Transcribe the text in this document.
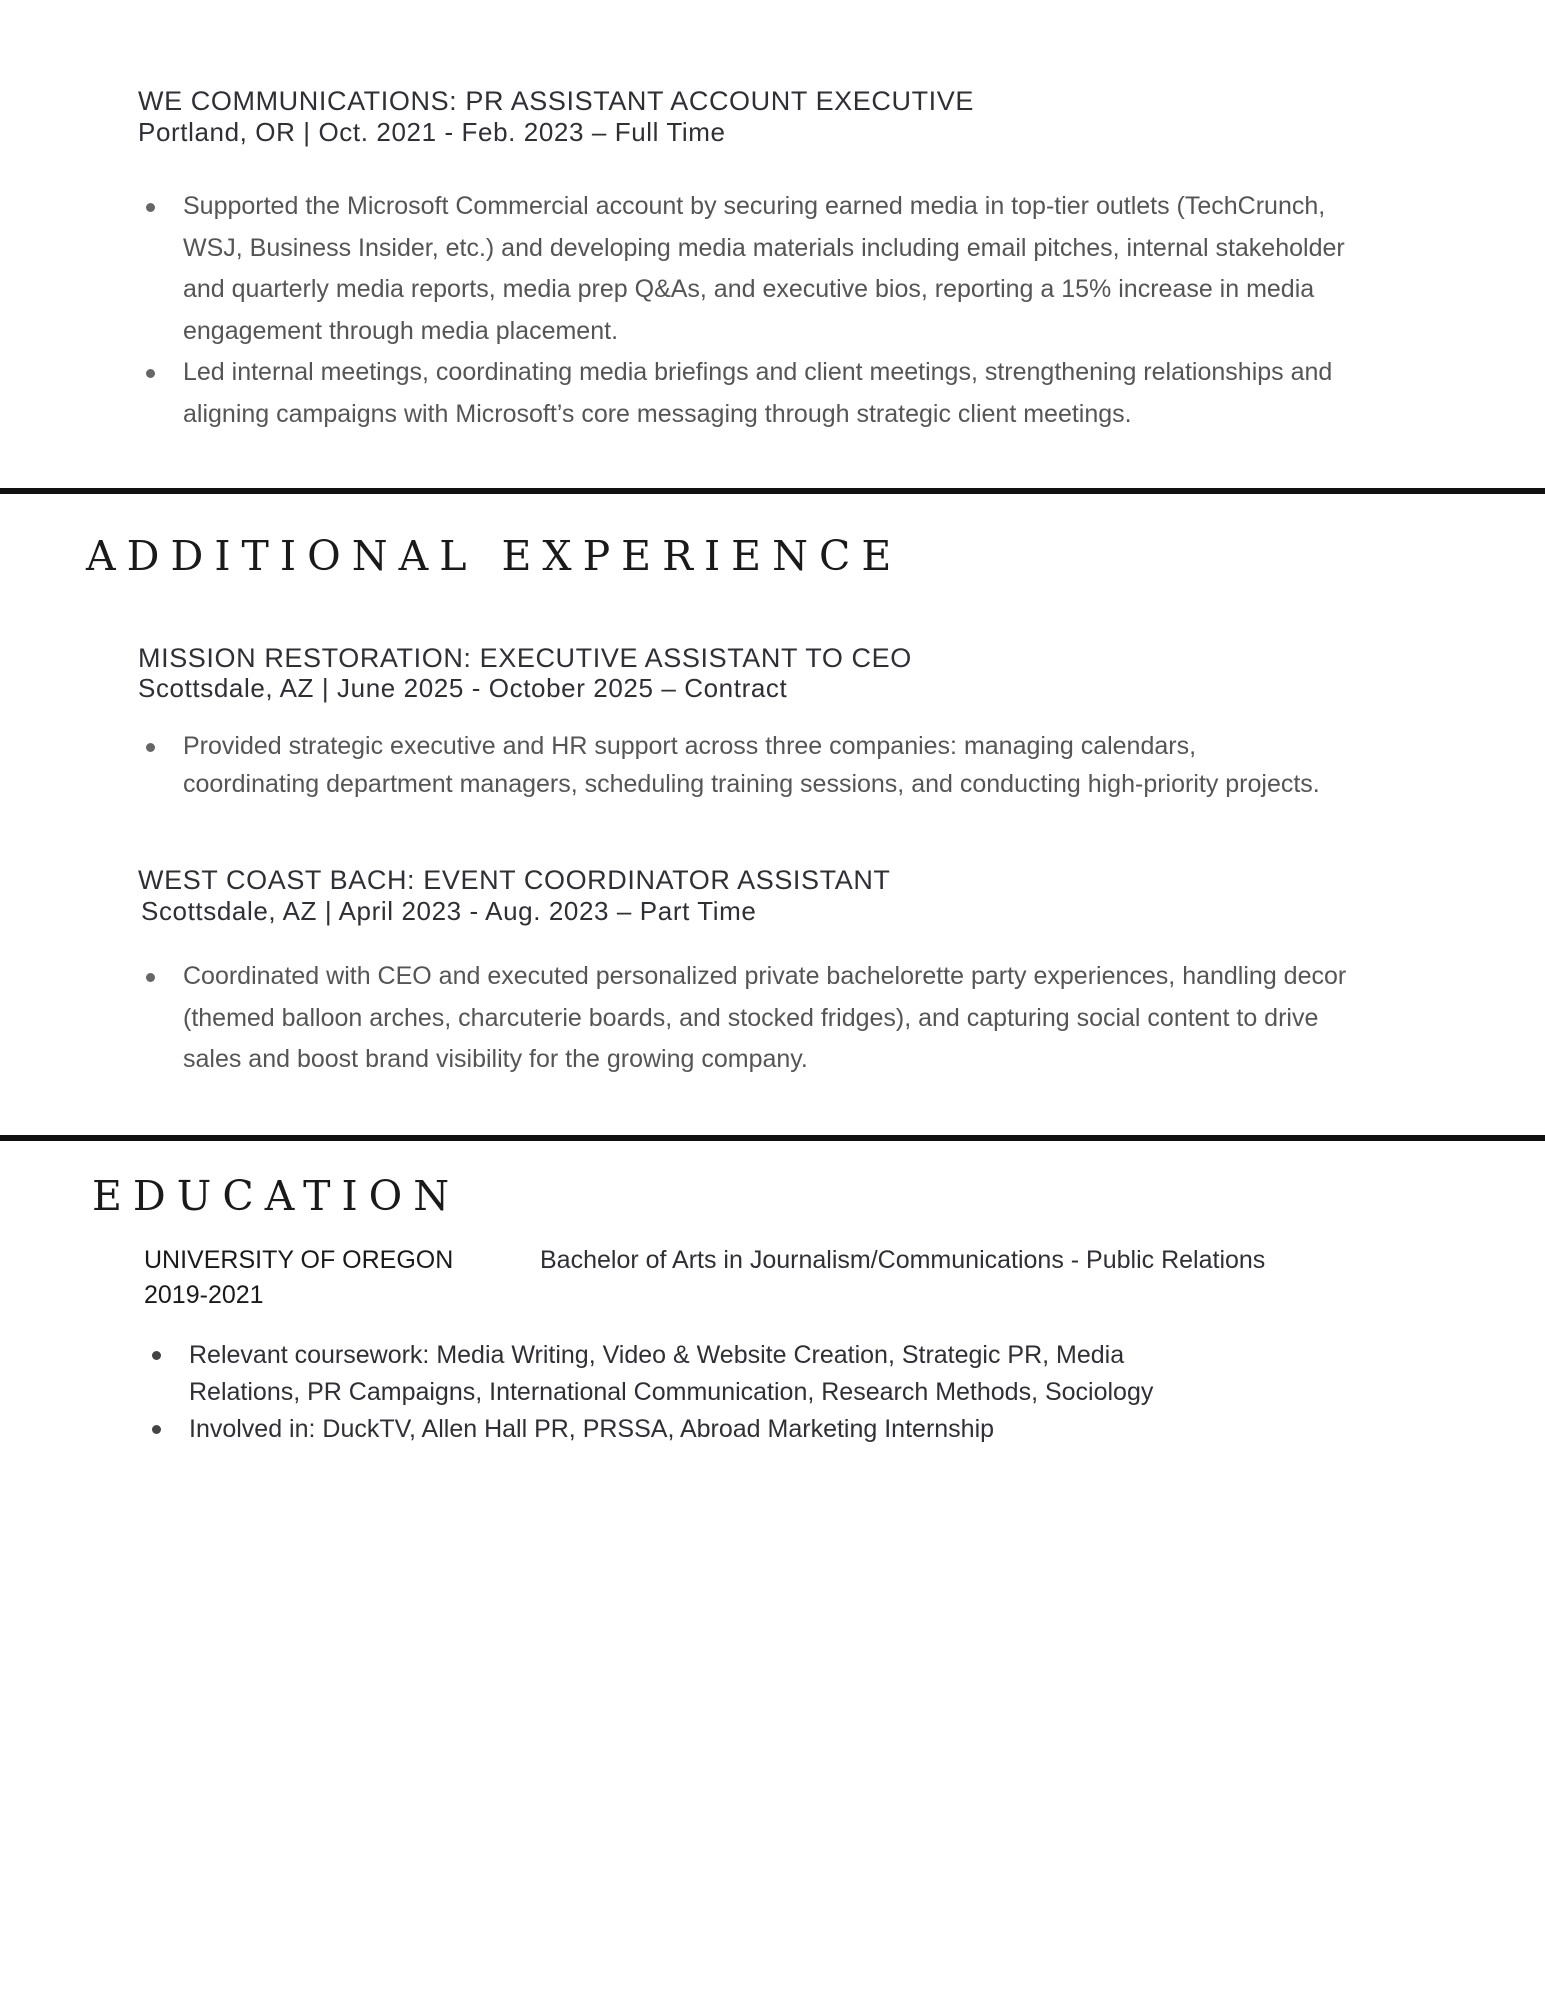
WE COMMUNICATIONS: PR ASSISTANT ACCOUNT EXECUTIVE
Portland, OR | Oct. 2021 - Feb. 2023 – Full Time
Supported the Microsoft Commercial account by securing earned media in top-tier outlets (TechCrunch, WSJ, Business Insider, etc.) and developing media materials including email pitches, internal stakeholder and quarterly media reports, media prep Q&As, and executive bios, reporting a 15% increase in media engagement through media placement.
Led internal meetings, coordinating media briefings and client meetings, strengthening relationships and aligning campaigns with Microsoft’s core messaging through strategic client meetings.
ADDITIONAL EXPERIENCE
MISSION RESTORATION: EXECUTIVE ASSISTANT TO CEO
Scottsdale, AZ | June 2025 - October 2025 – Contract
Provided strategic executive and HR support across three companies: managing calendars, coordinating department managers, scheduling training sessions, and conducting high-priority projects.
WEST COAST BACH: EVENT COORDINATOR ASSISTANT
Scottsdale, AZ | April 2023 - Aug. 2023 – Part Time
Coordinated with CEO and executed personalized private bachelorette party experiences, handling decor (themed balloon arches, charcuterie boards, and stocked fridges), and capturing social content to drive sales and boost brand visibility for the growing company.
EDUCATION
UNIVERSITY OF OREGON	Bachelor of Arts in Journalism/Communications - Public Relations
2019-2021
Relevant coursework: Media Writing, Video & Website Creation, Strategic PR, Media Relations, PR Campaigns, International Communication, Research Methods, Sociology
Involved in: DuckTV, Allen Hall PR, PRSSA, Abroad Marketing Internship
